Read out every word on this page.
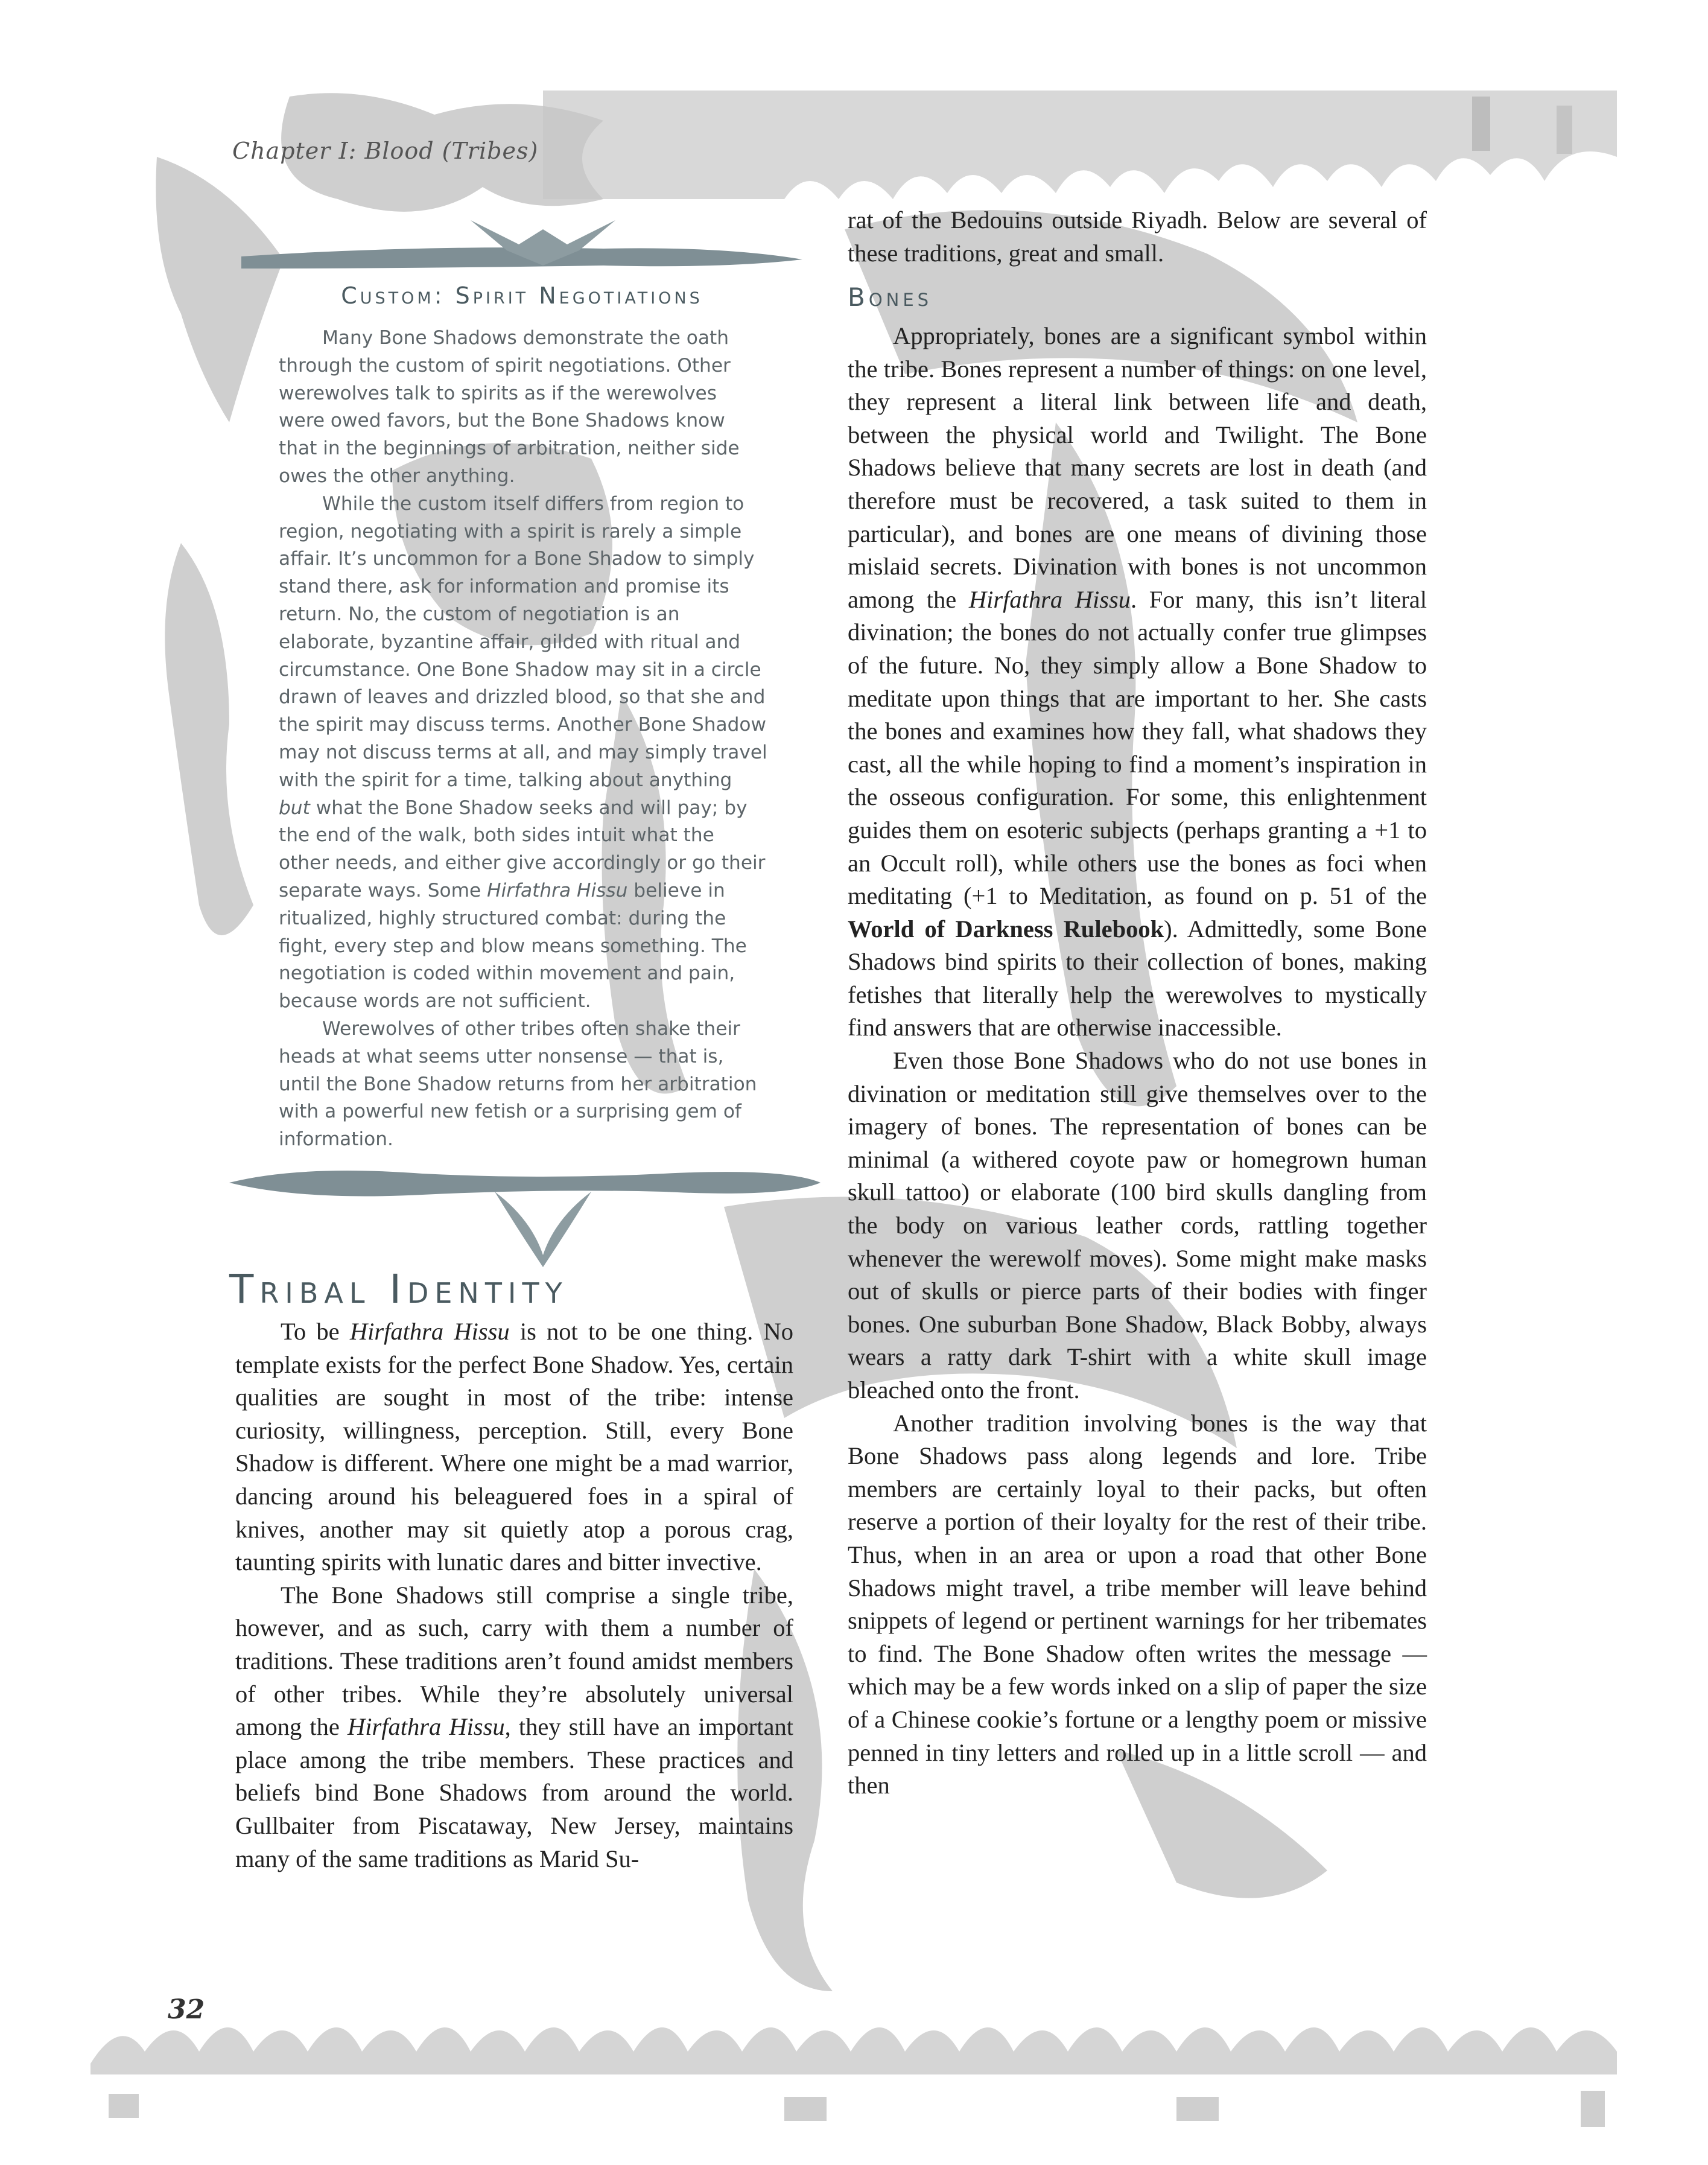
Chapter I: Blood (Tribes)
Custom: Spirit Negotiations

Many Bone Shadows demonstrate the oath through the custom of spirit negotiations. Other werewolves talk to spirits as if the werewolves were owed favors, but the Bone Shadows know that in the beginnings of arbitration, neither side owes the other anything.

While the custom itself differs from region to region, negotiating with a spirit is rarely a simple affair. It’s uncommon for a Bone Shadow to simply stand there, ask for information and promise its return. No, the custom of negotiation is an elaborate, byzantine affair, gilded with ritual and circumstance. One Bone Shadow may sit in a circle drawn of leaves and drizzled blood, so that she and the spirit may discuss terms. Another Bone Shadow may not discuss terms at all, and may simply travel with the spirit for a time, talking about anything but what the Bone Shadow seeks and will pay; by the end of the walk, both sides intuit what the other needs, and either give accordingly or go their separate ways. Some Hirfathra Hissu believe in ritualized, highly structured combat: during the fight, every step and blow means something. The negotiation is coded within movement and pain, because words are not sufficient.

Werewolves of other tribes often shake their heads at what seems utter nonsense — that is, until the Bone Shadow returns from her arbitration with a powerful new fetish or a surprising gem of information.

Tribal Identity

To be Hirfathra Hissu is not to be one thing. No template exists for the perfect Bone Shadow. Yes, certain qualities are sought in most of the tribe: intense curiosity, willingness, perception. Still, every Bone Shadow is different. Where one might be a mad warrior, dancing around his beleaguered foes in a spiral of knives, another may sit quietly atop a porous crag, taunting spirits with lunatic dares and bitter invective.

The Bone Shadows still comprise a single tribe, however, and as such, carry with them a number of traditions. These traditions aren’t found amidst members of other tribes. While they’re absolutely universal among the Hirfathra Hissu, they still have an important place among the tribe members. These practices and beliefs bind Bone Shadows from around the world. Gullbaiter from Piscataway, New Jersey, maintains many of the same traditions as Marid Su-

rat of the Bedouins outside Riyadh. Below are several of these traditions, great and small.

Bones

Appropriately, bones are a significant symbol within the tribe. Bones represent a number of things: on one level, they represent a literal link between life and death, between the physical world and Twilight. The Bone Shadows believe that many secrets are lost in death (and therefore must be recovered, a task suited to them in particular), and bones are one means of divining those mislaid secrets. Divination with bones is not uncommon among the Hirfathra Hissu. For many, this isn’t literal divination; the bones do not actually confer true glimpses of the future. No, they simply allow a Bone Shadow to meditate upon things that are important to her. She casts the bones and examines how they fall, what shadows they cast, all the while hoping to find a moment’s inspiration in the osseous configuration. For some, this enlightenment guides them on esoteric subjects (perhaps granting a +1 to an Occult roll), while others use the bones as foci when meditating (+1 to Meditation, as found on p. 51 of the World of Darkness Rulebook). Admittedly, some Bone Shadows bind spirits to their collection of bones, making fetishes that literally help the werewolves to mystically find answers that are otherwise inaccessible.

Even those Bone Shadows who do not use bones in divination or meditation still give themselves over to the imagery of bones. The representation of bones can be minimal (a withered coyote paw or homegrown human skull tattoo) or elaborate (100 bird skulls dangling from the body on various leather cords, rattling together whenever the werewolf moves). Some might make masks out of skulls or pierce parts of their bodies with finger bones. One suburban Bone Shadow, Black Bobby, always wears a ratty dark T-shirt with a white skull image bleached onto the front.

Another tradition involving bones is the way that Bone Shadows pass along legends and lore. Tribe members are certainly loyal to their packs, but often reserve a portion of their loyalty for the rest of their tribe. Thus, when in an area or upon a road that other Bone Shadows might travel, a tribe member will leave behind snippets of legend or pertinent warnings for her tribemates to find. The Bone Shadow often writes the message — which may be a few words inked on a slip of paper the size of a Chinese cookie’s fortune or a lengthy poem or missive penned in tiny letters and rolled up in a little scroll — and then

32
